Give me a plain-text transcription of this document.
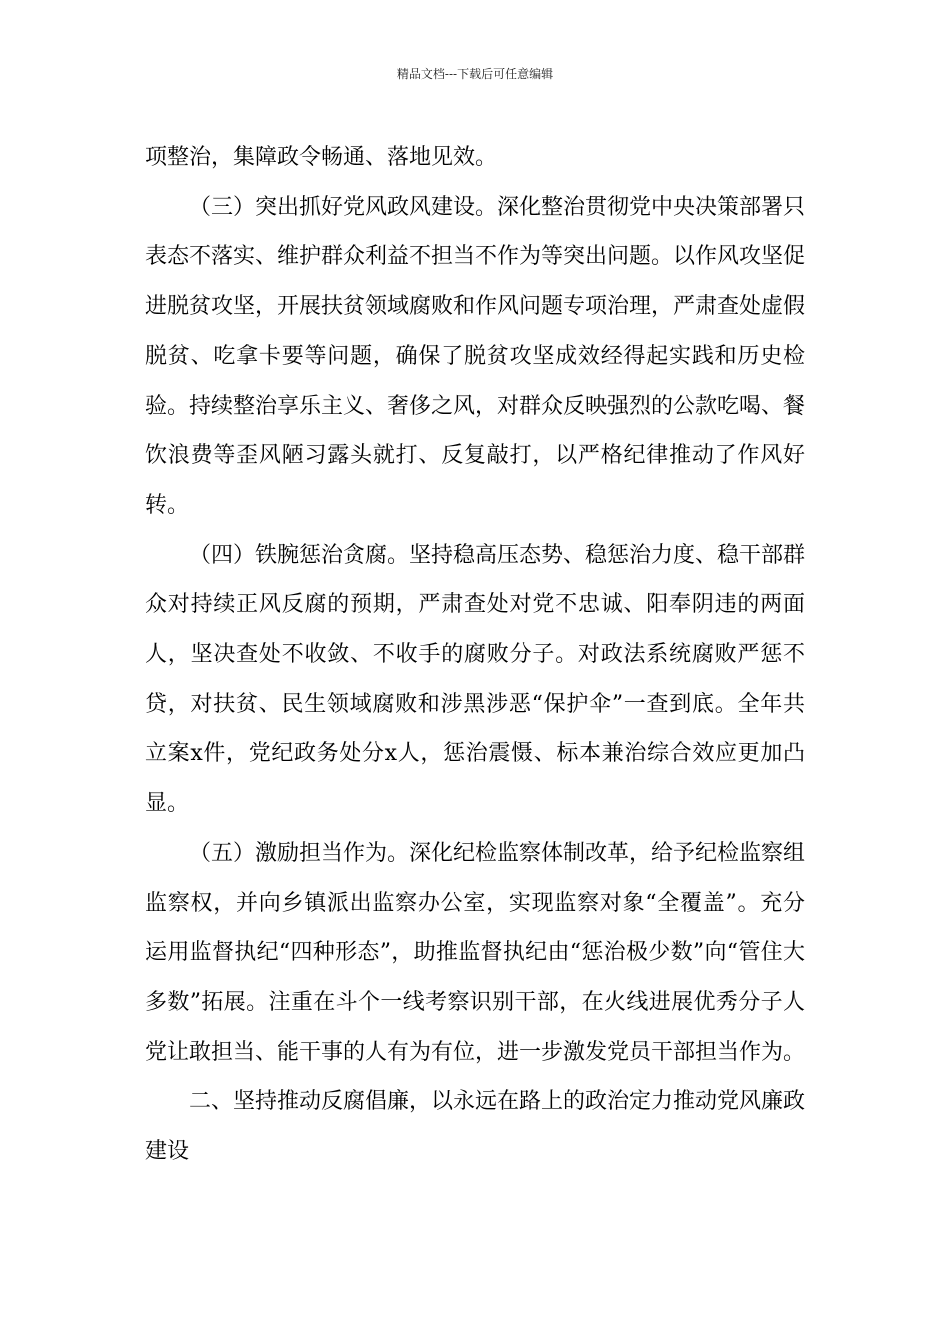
精品文档---下载后可任意编辑

项整治，集障政令畅通、落地见效。

（三）突出抓好党风政风建设。深化整治贯彻党中央决策部署只表态不落实、维护群众利益不担当不作为等突出问题。以作风攻坚促进脱贫攻坚，开展扶贫领域腐败和作风问题专项治理，严肃查处虚假脱贫、吃拿卡要等问题，确保了脱贫攻坚成效经得起实践和历史检验。持续整治享乐主义、奢侈之风，对群众反映强烈的公款吃喝、餐饮浪费等歪风陋习露头就打、反复敲打，以严格纪律推动了作风好转。

（四）铁腕惩治贪腐。坚持稳高压态势、稳惩治力度、稳干部群众对持续正风反腐的预期，严肃查处对党不忠诚、阳奉阴违的两面人，坚决查处不收敛、不收手的腐败分子。对政法系统腐败严惩不贷，对扶贫、民生领域腐败和涉黑涉恶“保护伞”一查到底。全年共立案x件，党纪政务处分x人，惩治震慑、标本兼治综合效应更加凸显。

（五）激励担当作为。深化纪检监察体制改革，给予纪检监察组监察权，并向乡镇派出监察办公室，实现监察对象“全覆盖”。充分运用监督执纪“四种形态”，助推监督执纪由“惩治极少数”向“管住大多数”拓展。注重在斗个一线考察识别干部，在火线进展优秀分子人党让敢担当、能干事的人有为有位，进一步激发党员干部担当作为。

二、坚持推动反腐倡廉，以永远在路上的政治定力推动党风廉政建设
